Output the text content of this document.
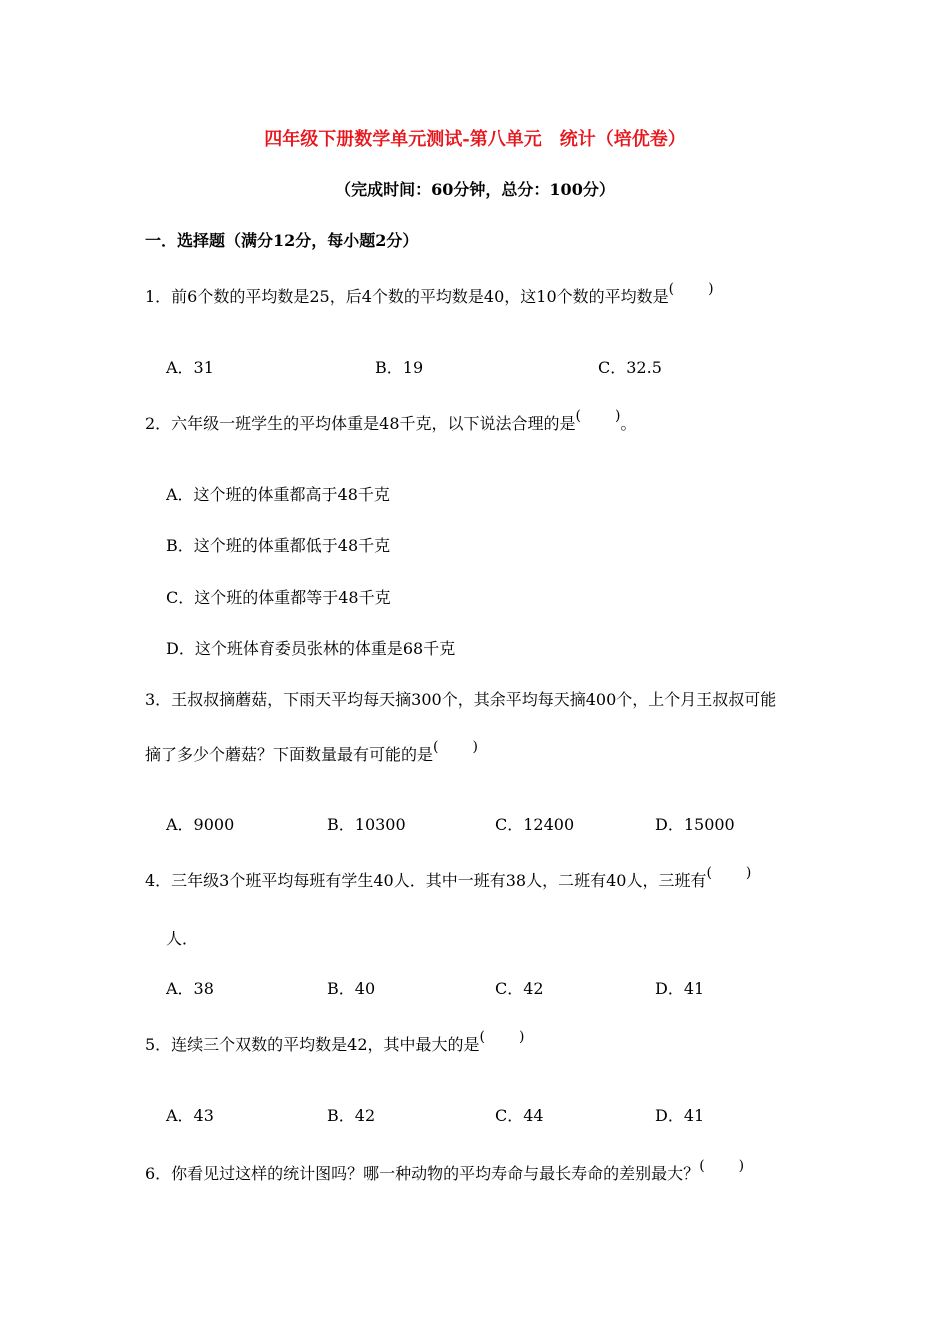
四年级下册数学单元测试-第八单元　统计（培优卷）
（完成时间：60分钟，总分：100分）
一．选择题（满分12分，每小题2分）
1．前6个数的平均数是25，后4个数的平均数是40，这10个数的平均数是( )
A．31	B．19	C．32.5
2．六年级一班学生的平均体重是48千克，以下说法合理的是( )。
A．这个班的体重都高于48千克
B．这个班的体重都低于48千克
C．这个班的体重都等于48千克
D．这个班体育委员张林的体重是68千克
3．王叔叔摘蘑菇，下雨天平均每天摘300个，其余平均每天摘400个，上个月王叔叔可能
摘了多少个蘑菇？下面数量最有可能的是( )
A．9000	B．10300	C．12400	D．15000
4．三年级3个班平均每班有学生40人．其中一班有38人，二班有40人，三班有( )
人．
A．38	B．40	C．42	D．41
5．连续三个双数的平均数是42，其中最大的是( )
A．43	B．42	C．44	D．41
6．你看见过这样的统计图吗？哪一种动物的平均寿命与最长寿命的差别最大？( )
